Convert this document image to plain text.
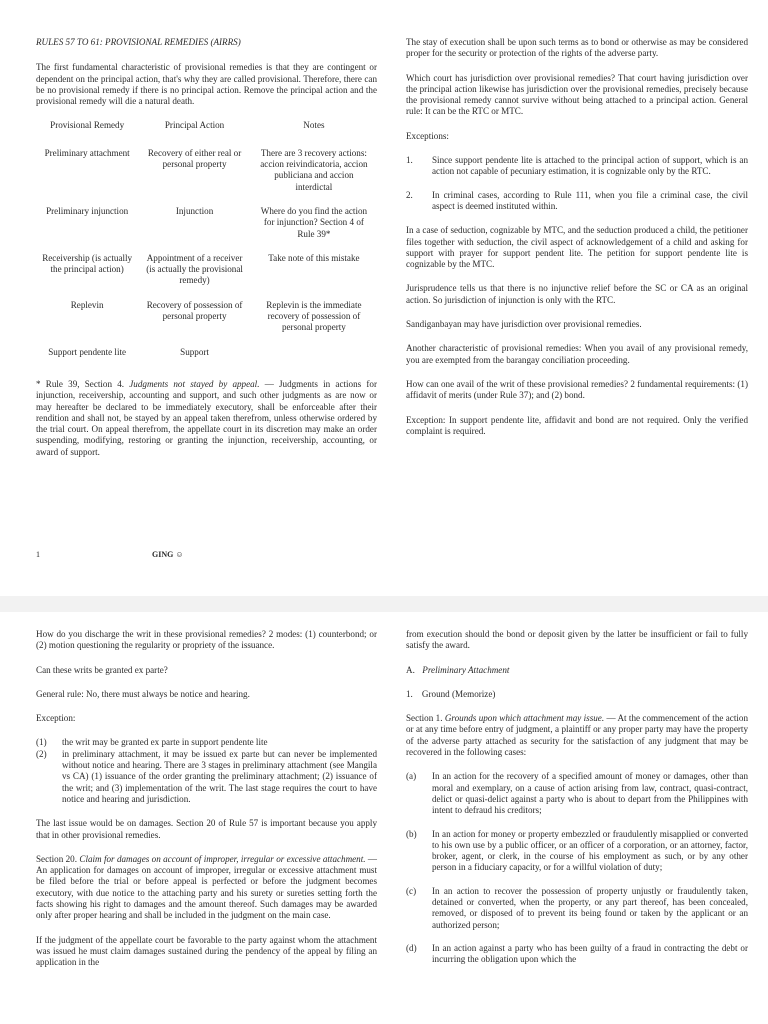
RULES 57 TO 61: PROVISIONAL REMEDIES (AIRRS)

The first fundamental characteristic of provisional remedies is that they are contingent or dependent on the principal action, that's why they are called provisional. Therefore, there can be no provisional remedy if there is no principal action. Remove the principal action and the provisional remedy will die a natural death.

Provisional Remedy	Principal Action	Notes
Preliminary attachment	Recovery of either real or personal property	There are 3 recovery actions: accion reivindicatoria, accion publiciana and accion interdictal
Preliminary injunction	Injunction	Where do you find the action for injunction? Section 4 of Rule 39*
Receivership (is actually the principal action)	Appointment of a receiver (is actually the provisional remedy)	Take note of this mistake
Replevin	Recovery of possession of personal property	Replevin is the immediate recovery of possession of personal property
Support pendente lite	Support	

* Rule 39, Section 4. Judgments not stayed by appeal. — Judgments in actions for injunction, receivership, accounting and support, and such other judgments as are now or may hereafter be declared to be immediately executory, shall be enforceable after their rendition and shall not, be stayed by an appeal taken therefrom, unless otherwise ordered by the trial court. On appeal therefrom, the appellate court in its discretion may make an order suspending, modifying, restoring or granting the injunction, receivership, accounting, or award of support.

The stay of execution shall be upon such terms as to bond or otherwise as may be considered proper for the security or protection of the rights of the adverse party.

Which court has jurisdiction over provisional remedies? That court having jurisdiction over the principal action likewise has jurisdiction over the provisional remedies, precisely because the provisional remedy cannot survive without being attached to a principal action. General rule: It can be the RTC or MTC.

Exceptions:

1. Since support pendente lite is attached to the principal action of support, which is an action not capable of pecuniary estimation, it is cognizable only by the RTC.
2. In criminal cases, according to Rule 111, when you file a criminal case, the civil aspect is deemed instituted within.

In a case of seduction, cognizable by MTC, and the seduction produced a child, the petitioner files together with seduction, the civil aspect of acknowledgement of a child and asking for support with prayer for support pendent lite. The petition for support pendente lite is cognizable by the MTC.

Jurisprudence tells us that there is no injunctive relief before the SC or CA as an original action. So jurisdiction of injunction is only with the RTC.

Sandiganbayan may have jurisdiction over provisional remedies.

Another characteristic of provisional remedies: When you avail of any provisional remedy, you are exempted from the barangay conciliation proceeding.

How can one avail of the writ of these provisional remedies? 2 fundamental requirements: (1) affidavit of merits (under Rule 37); and (2) bond.

Exception: In support pendente lite, affidavit and bond are not required. Only the verified complaint is required.

1	GING ☺

How do you discharge the writ in these provisional remedies? 2 modes: (1) counterbond; or (2) motion questioning the regularity or propriety of the issuance.

Can these writs be granted ex parte?

General rule: No, there must always be notice and hearing.

Exception:

(1) the writ may be granted ex parte in support pendente lite
(2) in preliminary attachment, it may be issued ex parte but can never be implemented without notice and hearing. There are 3 stages in preliminary attachment (see Mangila vs CA) (1) issuance of the order granting the preliminary attachment; (2) issuance of the writ; and (3) implementation of the writ. The last stage requires the court to have notice and hearing and jurisdiction.

The last issue would be on damages. Section 20 of Rule 57 is important because you apply that in other provisional remedies.

Section 20. Claim for damages on account of improper, irregular or excessive attachment. — An application for damages on account of improper, irregular or excessive attachment must be filed before the trial or before appeal is perfected or before the judgment becomes executory, with due notice to the attaching party and his surety or sureties setting forth the facts showing his right to damages and the amount thereof. Such damages may be awarded only after proper hearing and shall be included in the judgment on the main case.

If the judgment of the appellate court be favorable to the party against whom the attachment was issued he must claim damages sustained during the pendency of the appeal by filing an application in the

from execution should the bond or deposit given by the latter be insufficient or fail to fully satisfy the award.

A. Preliminary Attachment

1. Ground (Memorize)

Section 1. Grounds upon which attachment may issue. — At the commencement of the action or at any time before entry of judgment, a plaintiff or any proper party may have the property of the adverse party attached as security for the satisfaction of any judgment that may be recovered in the following cases:

(a) In an action for the recovery of a specified amount of money or damages, other than moral and exemplary, on a cause of action arising from law, contract, quasi-contract, delict or quasi-delict against a party who is about to depart from the Philippines with intent to defraud his creditors;
(b) In an action for money or property embezzled or fraudulently misapplied or converted to his own use by a public officer, or an officer of a corporation, or an attorney, factor, broker, agent, or clerk, in the course of his employment as such, or by any other person in a fiduciary capacity, or for a willful violation of duty;
(c) In an action to recover the possession of property unjustly or fraudulently taken, detained or converted, when the property, or any part thereof, has been concealed, removed, or disposed of to prevent its being found or taken by the applicant or an authorized person;
(d) In an action against a party who has been guilty of a fraud in contracting the debt or incurring the obligation upon which the
